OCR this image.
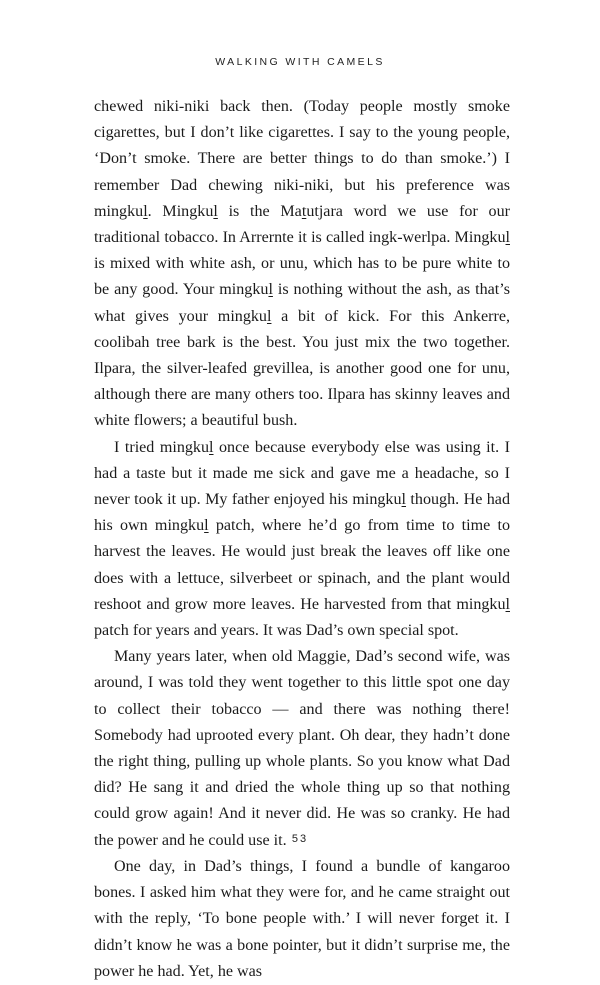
WALKING WITH CAMELS

chewed niki-niki back then. (Today people mostly smoke cigarettes, but I don’t like cigarettes. I say to the young people, ‘Don’t smoke. There are better things to do than smoke.’) I remember Dad chewing niki-niki, but his preference was mingkul. Mingkul is the Matutjara word we use for our traditional tobacco. In Arrernte it is called ingk-werlpa. Mingkul is mixed with white ash, or unu, which has to be pure white to be any good. Your mingkul is nothing without the ash, as that’s what gives your mingkul a bit of kick. For this Ankerre, coolibah tree bark is the best. You just mix the two together. Ilpara, the silver-leafed grevillea, is another good one for unu, although there are many others too. Ilpara has skinny leaves and white flowers; a beautiful bush.

I tried mingkul once because everybody else was using it. I had a taste but it made me sick and gave me a headache, so I never took it up. My father enjoyed his mingkul though. He had his own mingkul patch, where he’d go from time to time to harvest the leaves. He would just break the leaves off like one does with a lettuce, silverbeet or spinach, and the plant would reshoot and grow more leaves. He harvested from that mingkul patch for years and years. It was Dad’s own special spot.

Many years later, when old Maggie, Dad’s second wife, was around, I was told they went together to this little spot one day to collect their tobacco — and there was nothing there! Somebody had uprooted every plant. Oh dear, they hadn’t done the right thing, pulling up whole plants. So you know what Dad did? He sang it and dried the whole thing up so that nothing could grow again! And it never did. He was so cranky. He had the power and he could use it.

One day, in Dad’s things, I found a bundle of kangaroo bones. I asked him what they were for, and he came straight out with the reply, ‘To bone people with.’ I will never forget it. I didn’t know he was a bone pointer, but it didn’t surprise me, the power he had. Yet, he was

53
